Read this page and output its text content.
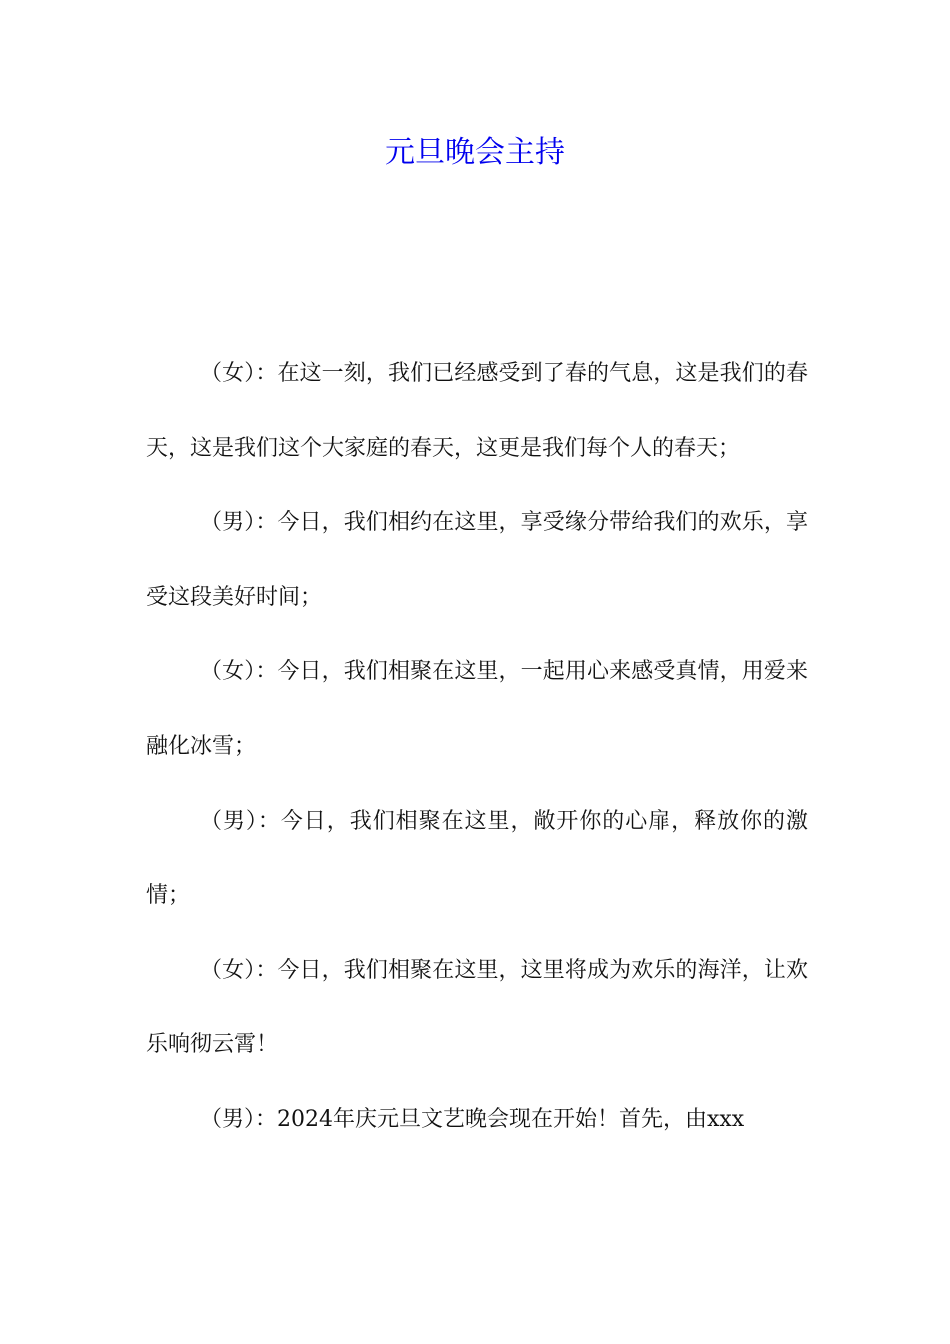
元旦晚会主持

（女）：在这一刻，我们已经感受到了春的气息，这是我们的春天，这是我们这个大家庭的春天，这更是我们每个人的春天；

（男）：今日，我们相约在这里，享受缘分带给我们的欢乐，享受这段美好时间；

（女）：今日，我们相聚在这里，一起用心来感受真情，用爱来融化冰雪；

（男）：今日，我们相聚在这里，敞开你的心扉，释放你的激情；

（女）：今日，我们相聚在这里，这里将成为欢乐的海洋，让欢乐响彻云霄！

（男）：2024年庆元旦文艺晚会现在开始！首先，由xxx
